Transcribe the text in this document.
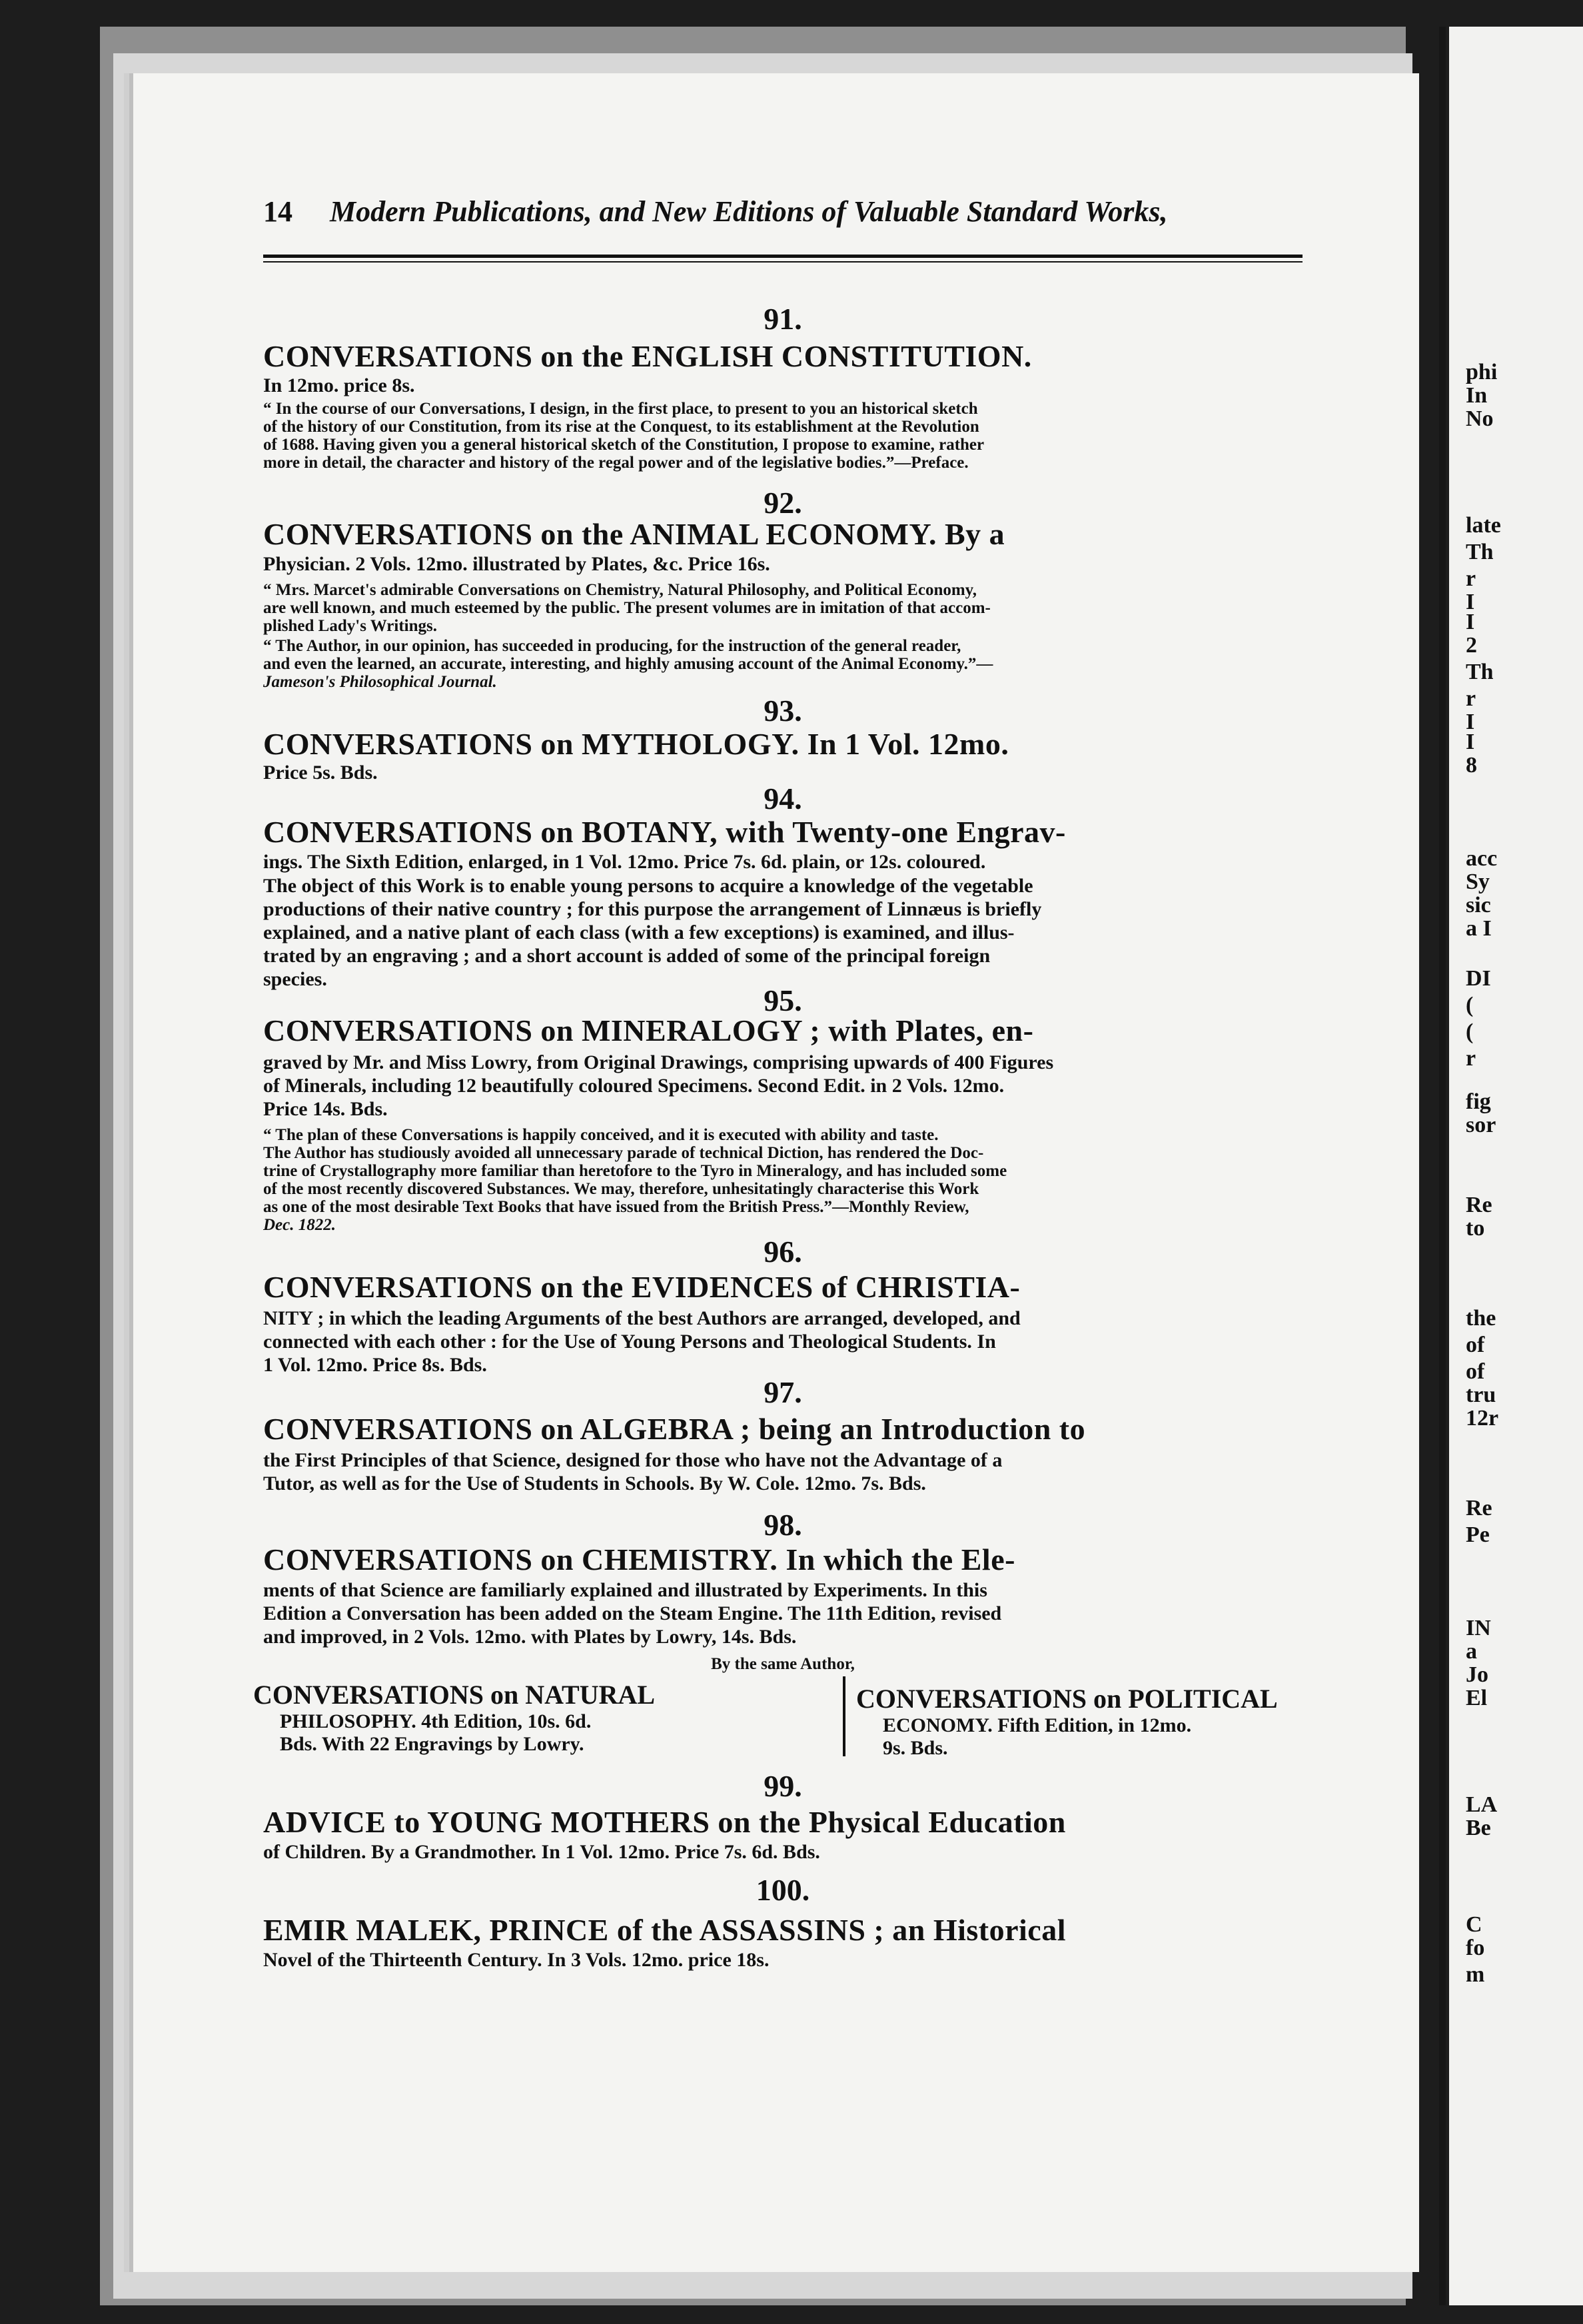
14 Modern Publications, and New Editions of Valuable Standard Works,
91.
CONVERSATIONS on the ENGLISH CONSTITUTION.
In 12mo. price 8s.
“ In the course of our Conversations, I design, in the first place, to present to you an historical sketch
of the history of our Constitution, from its rise at the Conquest, to its establishment at the Revolution
of 1688. Having given you a general historical sketch of the Constitution, I propose to examine, rather
more in detail, the character and history of the regal power and of the legislative bodies.”—Preface.
92.
CONVERSATIONS on the ANIMAL ECONOMY. By a
Physician. 2 Vols. 12mo. illustrated by Plates, &c. Price 16s.
“ Mrs. Marcet's admirable Conversations on Chemistry, Natural Philosophy, and Political Economy,
are well known, and much esteemed by the public. The present volumes are in imitation of that accom-
plished Lady's Writings.
“ The Author, in our opinion, has succeeded in producing, for the instruction of the general reader,
and even the learned, an accurate, interesting, and highly amusing account of the Animal Economy.”—
Jameson's Philosophical Journal.
93.
CONVERSATIONS on MYTHOLOGY. In 1 Vol. 12mo.
Price 5s. Bds.
94.
CONVERSATIONS on BOTANY, with Twenty-one Engrav-
ings. The Sixth Edition, enlarged, in 1 Vol. 12mo. Price 7s. 6d. plain, or 12s. coloured.
The object of this Work is to enable young persons to acquire a knowledge of the vegetable
productions of their native country ; for this purpose the arrangement of Linnæus is briefly
explained, and a native plant of each class (with a few exceptions) is examined, and illus-
trated by an engraving ; and a short account is added of some of the principal foreign
species.
95.
CONVERSATIONS on MINERALOGY ; with Plates, en-
graved by Mr. and Miss Lowry, from Original Drawings, comprising upwards of 400 Figures
of Minerals, including 12 beautifully coloured Specimens. Second Edit. in 2 Vols. 12mo.
Price 14s. Bds.
“ The plan of these Conversations is happily conceived, and it is executed with ability and taste.
The Author has studiously avoided all unnecessary parade of technical Diction, has rendered the Doc-
trine of Crystallography more familiar than heretofore to the Tyro in Mineralogy, and has included some
of the most recently discovered Substances. We may, therefore, unhesitatingly characterise this Work
as one of the most desirable Text Books that have issued from the British Press.”—Monthly Review,
Dec. 1822.
96.
CONVERSATIONS on the EVIDENCES of CHRISTIA-
NITY ; in which the leading Arguments of the best Authors are arranged, developed, and
connected with each other : for the Use of Young Persons and Theological Students. In
1 Vol. 12mo. Price 8s. Bds.
97.
CONVERSATIONS on ALGEBRA ; being an Introduction to
the First Principles of that Science, designed for those who have not the Advantage of a
Tutor, as well as for the Use of Students in Schools. By W. Cole. 12mo. 7s. Bds.
98.
CONVERSATIONS on CHEMISTRY. In which the Ele-
ments of that Science are familiarly explained and illustrated by Experiments. In this
Edition a Conversation has been added on the Steam Engine. The 11th Edition, revised
and improved, in 2 Vols. 12mo. with Plates by Lowry, 14s. Bds.
By the same Author,
CONVERSATIONS on NATURAL
PHILOSOPHY. 4th Edition, 10s. 6d.
Bds. With 22 Engravings by Lowry.
CONVERSATIONS on POLITICAL
ECONOMY. Fifth Edition, in 12mo.
9s. Bds.
99.
ADVICE to YOUNG MOTHERS on the Physical Education
of Children. By a Grandmother. In 1 Vol. 12mo. Price 7s. 6d. Bds.
100.
EMIR MALEK, PRINCE of the ASSASSINS ; an Historical
Novel of the Thirteenth Century. In 3 Vols. 12mo. price 18s.
phi
In
No
late
Th
r
I
I
2
Th
r
I
I
8
acc
Sy
sic
a I
DI
(
(
r
fig
sor
Re
to
the
of
of
tru
12r
Re
Pe
IN
a
Jo
El
LA
Be
C
fo
m
